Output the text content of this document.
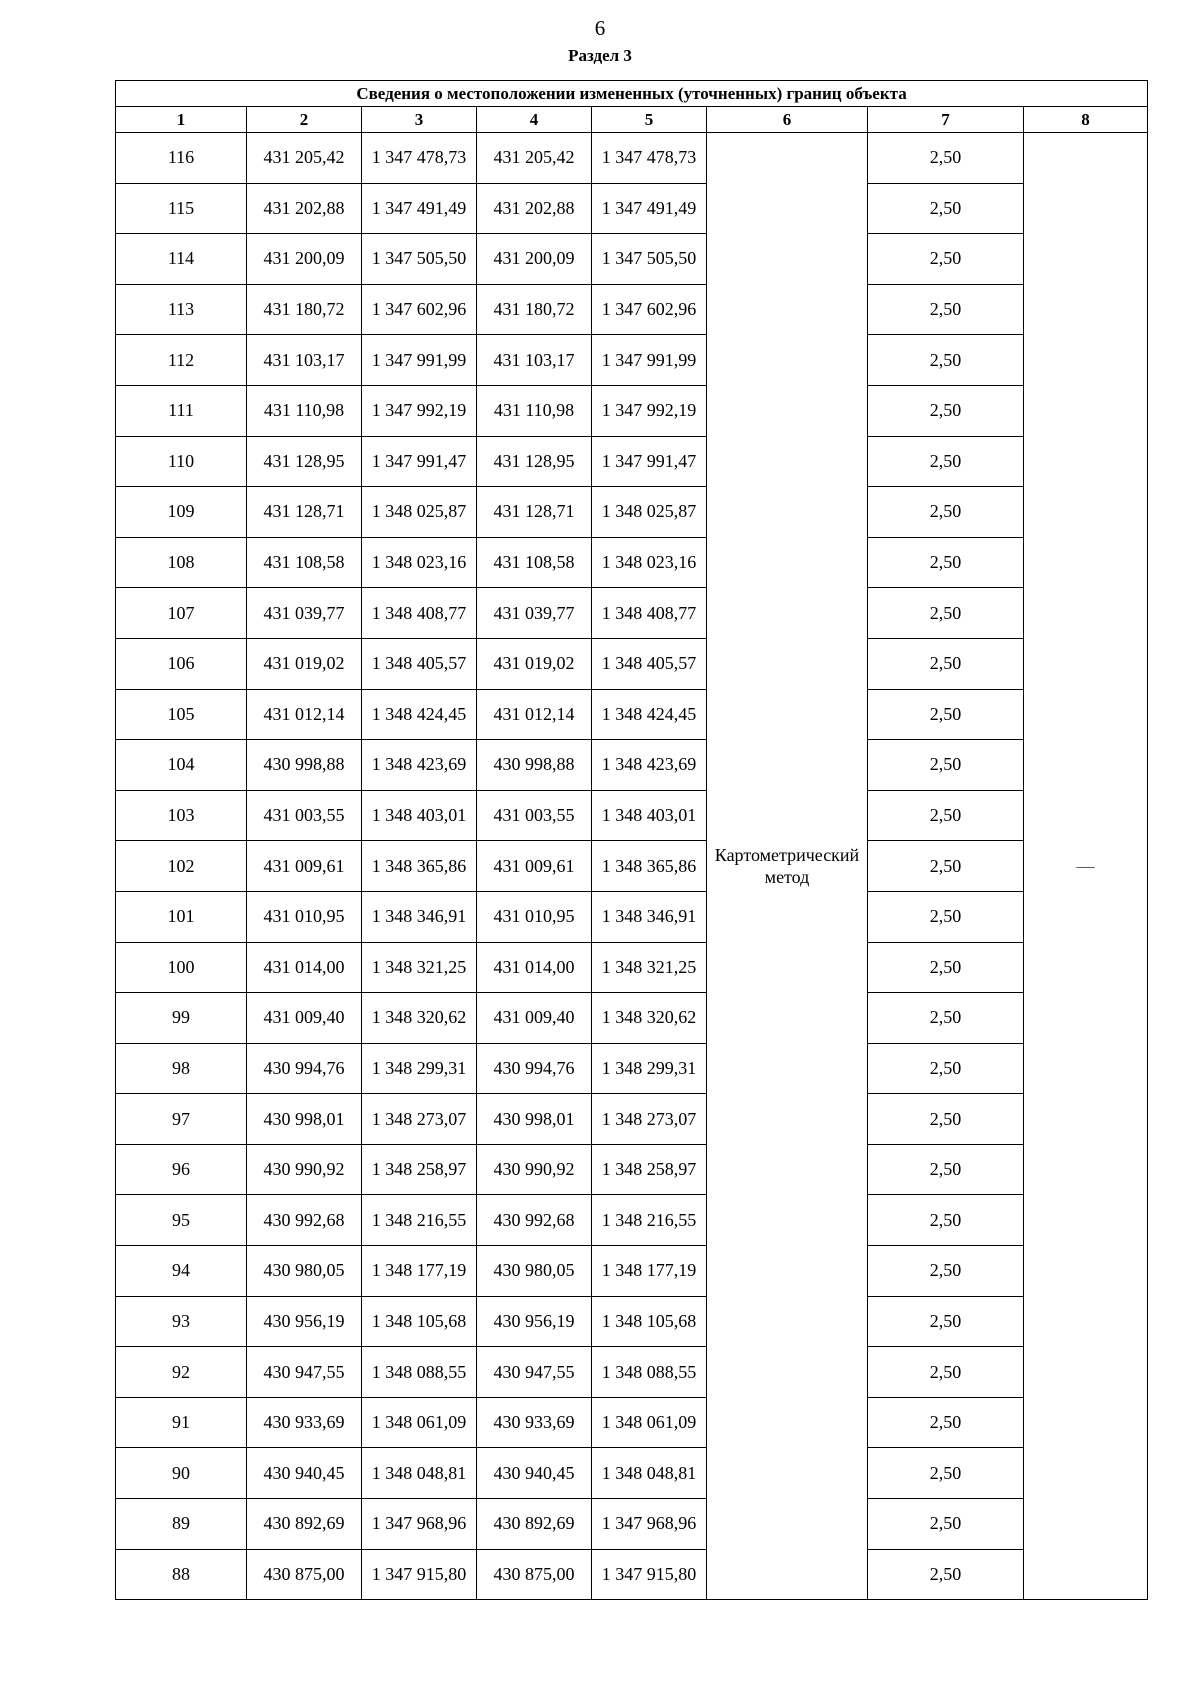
6
Раздел 3
Сведения о местоположении измененных (уточненных) границ объекта							
1	2	3	4	5	6	7	8
116	431 205,42	1 347 478,73	431 205,42	1 347 478,73	Картометрический метод	2,50	—
115	431 202,88	1 347 491,49	431 202,88	1 347 491,49		2,50	
114	431 200,09	1 347 505,50	431 200,09	1 347 505,50		2,50	
113	431 180,72	1 347 602,96	431 180,72	1 347 602,96		2,50	
112	431 103,17	1 347 991,99	431 103,17	1 347 991,99		2,50	
111	431 110,98	1 347 992,19	431 110,98	1 347 992,19		2,50	
110	431 128,95	1 347 991,47	431 128,95	1 347 991,47		2,50	
109	431 128,71	1 348 025,87	431 128,71	1 348 025,87		2,50	
108	431 108,58	1 348 023,16	431 108,58	1 348 023,16		2,50	
107	431 039,77	1 348 408,77	431 039,77	1 348 408,77		2,50	
106	431 019,02	1 348 405,57	431 019,02	1 348 405,57		2,50	
105	431 012,14	1 348 424,45	431 012,14	1 348 424,45		2,50	
104	430 998,88	1 348 423,69	430 998,88	1 348 423,69		2,50	
103	431 003,55	1 348 403,01	431 003,55	1 348 403,01		2,50	
102	431 009,61	1 348 365,86	431 009,61	1 348 365,86		2,50	
101	431 010,95	1 348 346,91	431 010,95	1 348 346,91		2,50	
100	431 014,00	1 348 321,25	431 014,00	1 348 321,25		2,50	
99	431 009,40	1 348 320,62	431 009,40	1 348 320,62		2,50	
98	430 994,76	1 348 299,31	430 994,76	1 348 299,31		2,50	
97	430 998,01	1 348 273,07	430 998,01	1 348 273,07		2,50	
96	430 990,92	1 348 258,97	430 990,92	1 348 258,97		2,50	
95	430 992,68	1 348 216,55	430 992,68	1 348 216,55		2,50	
94	430 980,05	1 348 177,19	430 980,05	1 348 177,19		2,50	
93	430 956,19	1 348 105,68	430 956,19	1 348 105,68		2,50	
92	430 947,55	1 348 088,55	430 947,55	1 348 088,55		2,50	
91	430 933,69	1 348 061,09	430 933,69	1 348 061,09		2,50	
90	430 940,45	1 348 048,81	430 940,45	1 348 048,81		2,50	
89	430 892,69	1 347 968,96	430 892,69	1 347 968,96		2,50	
88	430 875,00	1 347 915,80	430 875,00	1 347 915,80		2,50	
